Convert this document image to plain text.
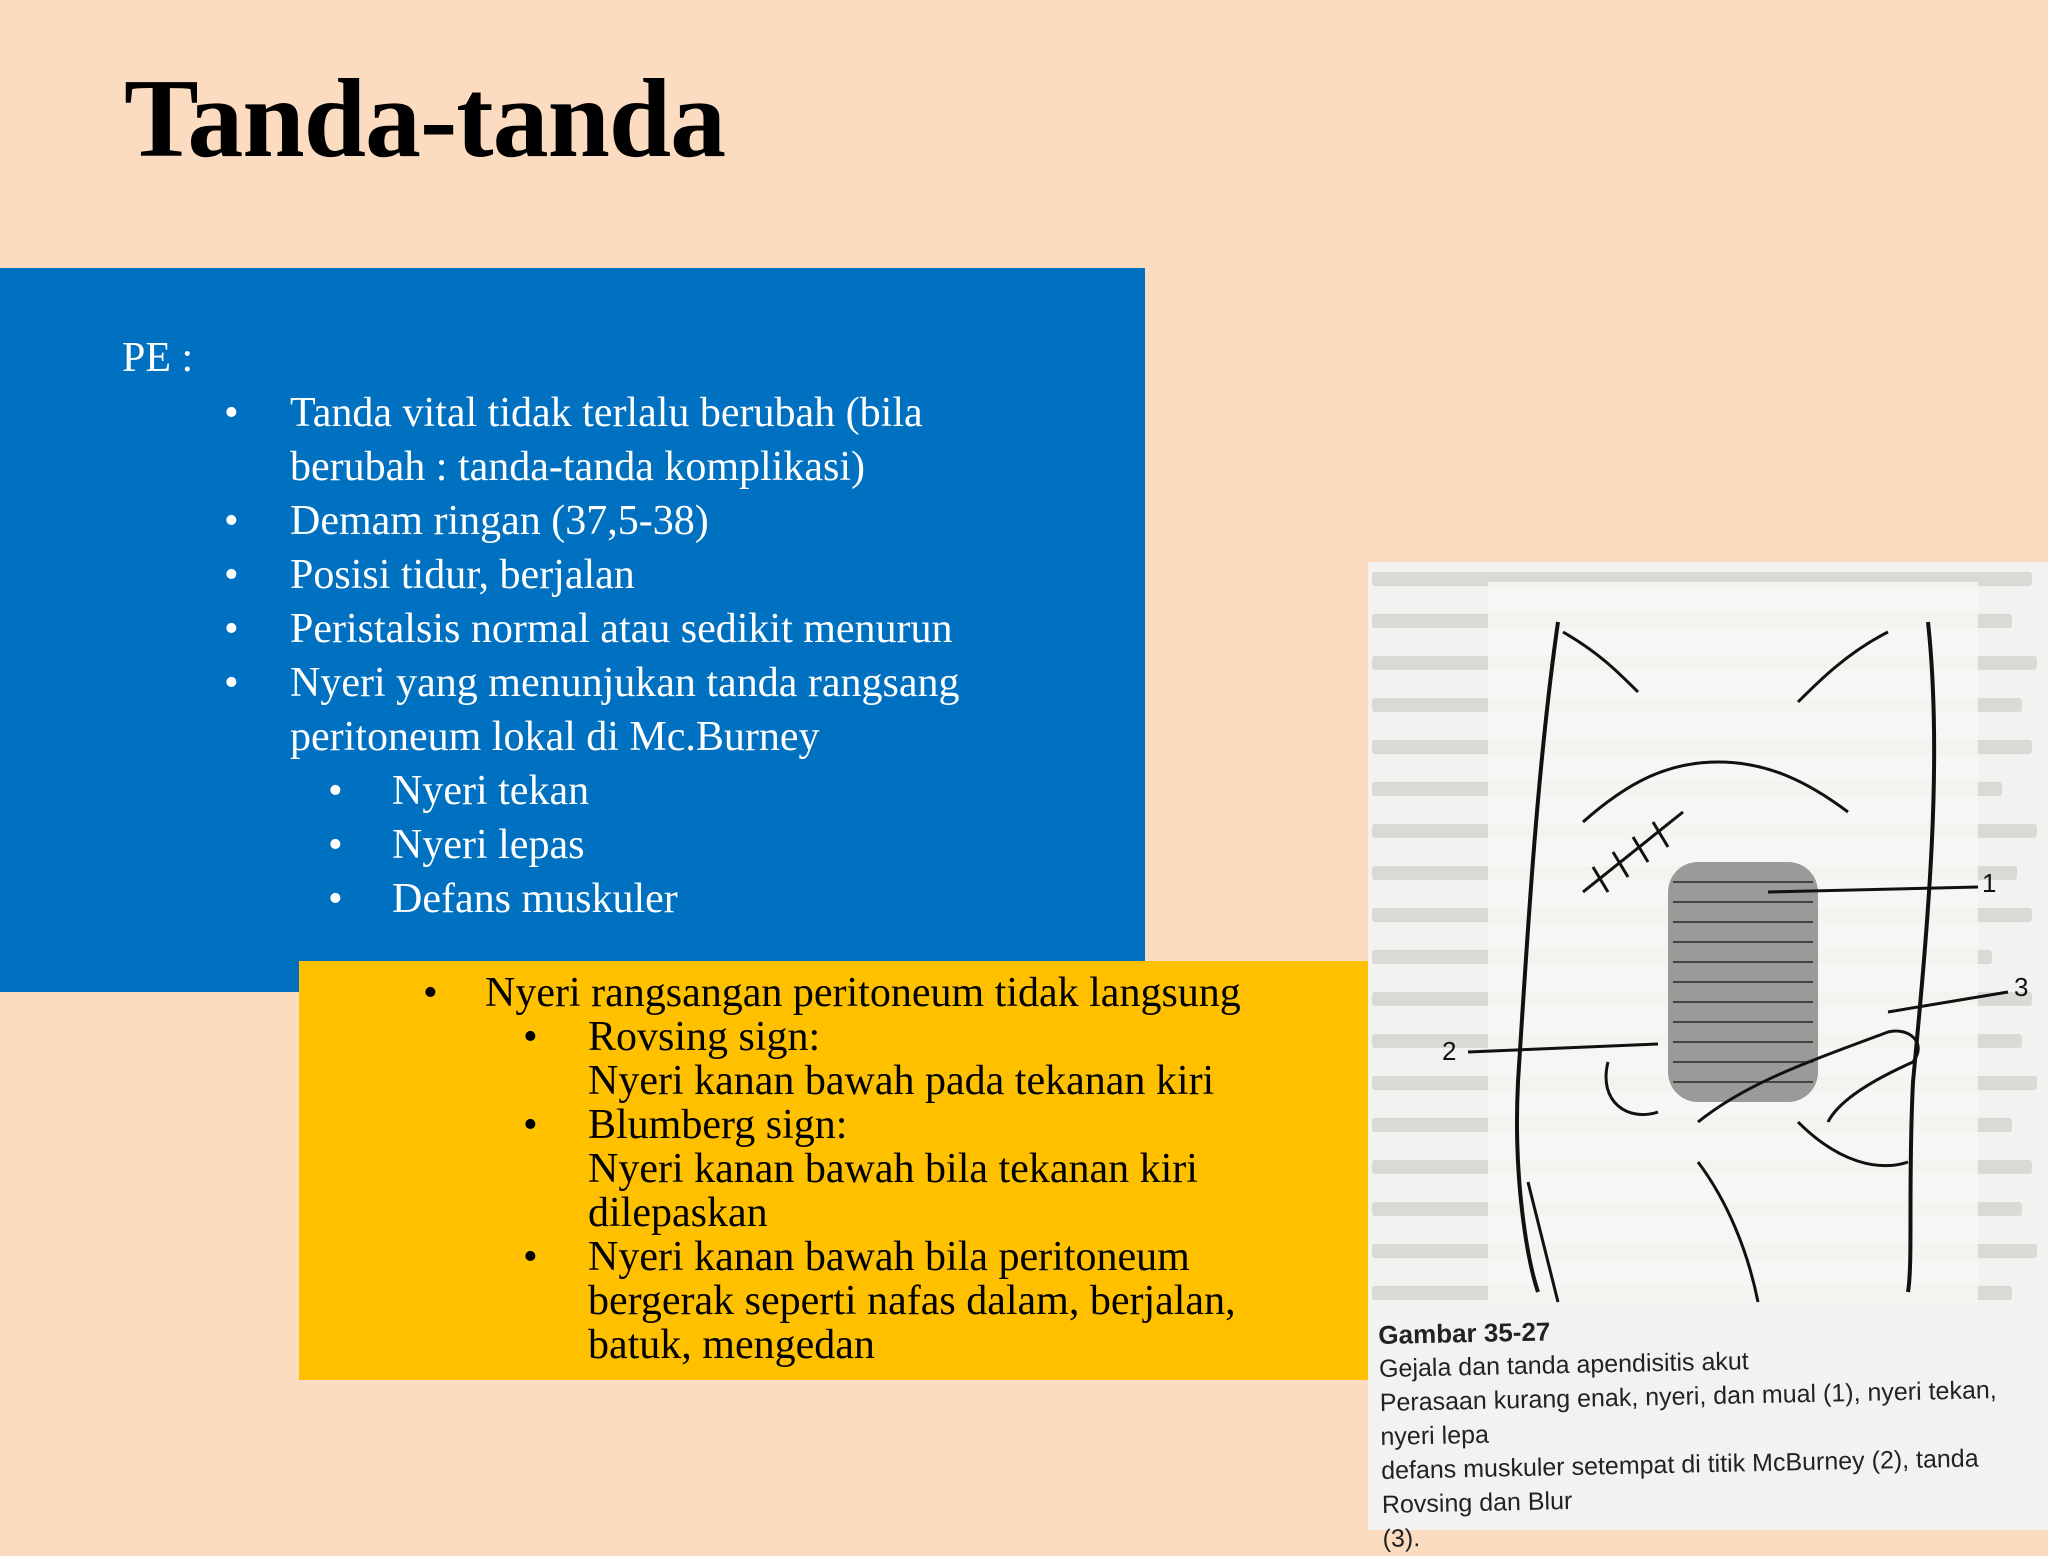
Tanda-tanda
PE :
• Tanda vital tidak terlalu berubah (bila
berubah : tanda-tanda komplikasi)
• Demam ringan (37,5-38)
• Posisi tidur, berjalan
• Peristalsis normal atau sedikit menurun
• Nyeri yang menunjukan tanda rangsang
peritoneum lokal di Mc.Burney
• Nyeri tekan
• Nyeri lepas
• Defans muskuler
• Nyeri rangsangan peritoneum tidak langsung
• Rovsing sign:
Nyeri kanan bawah pada tekanan kiri
• Blumberg sign:
Nyeri kanan bawah bila tekanan kiri
dilepaskan
• Nyeri kanan bawah bila peritoneum
bergerak seperti nafas dalam, berjalan,
batuk, mengedan
1
2
3
Gambar 35-27
Gejala dan tanda apendisitis akut
Perasaan kurang enak, nyeri, dan mual (1), nyeri tekan, nyeri lepa
defans muskuler setempat di titik McBurney (2), tanda Rovsing dan Blur
(3).
